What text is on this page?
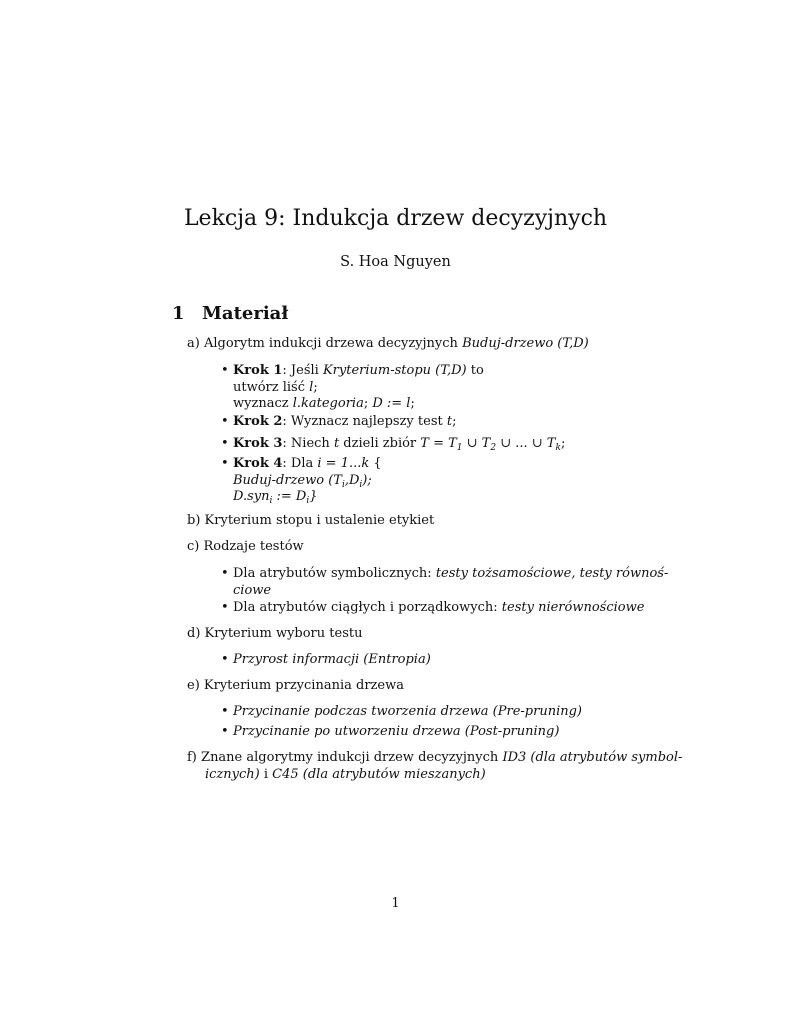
Lekcja 9: Indukcja drzew decyzyjnych
S. Hoa Nguyen
1 Materiał
a) Algorytm indukcji drzewa decyzyjnych Buduj-drzewo (T,D)
• Krok 1: Jeśli Kryterium-stopu (T,D) to
utwórz liść l;
wyznacz l.kategoria; D := l;
• Krok 2: Wyznacz najlepszy test t;
• Krok 3: Niech t dzieli zbiór $T = T_1$ ∪ $T_2$ ∪ ... ∪ $T_k$;
• Krok 4: Dla i = 1...k {
Buduj-drzewo $(T_i,D_i)$;
D.syn$_i$ := $D_i$}
b) Kryterium stopu i ustalenie etykiet
c) Rodzaje testów
• Dla atrybutów symbolicznych: testy tożsamościowe, testy równoś-
ciowe
• Dla atrybutów ciągłych i porządkowych: testy nierównościowe
d) Kryterium wyboru testu
• Przyrost informacji (Entropia)
e) Kryterium przycinania drzewa
• Przycinanie podczas tworzenia drzewa (Pre-pruning)
• Przycinanie po utworzeniu drzewa (Post-pruning)
f) Znane algorytmy indukcji drzew decyzyjnych ID3 (dla atrybutów symbol-
icznych) i C45 (dla atrybutów mieszanych)
1
